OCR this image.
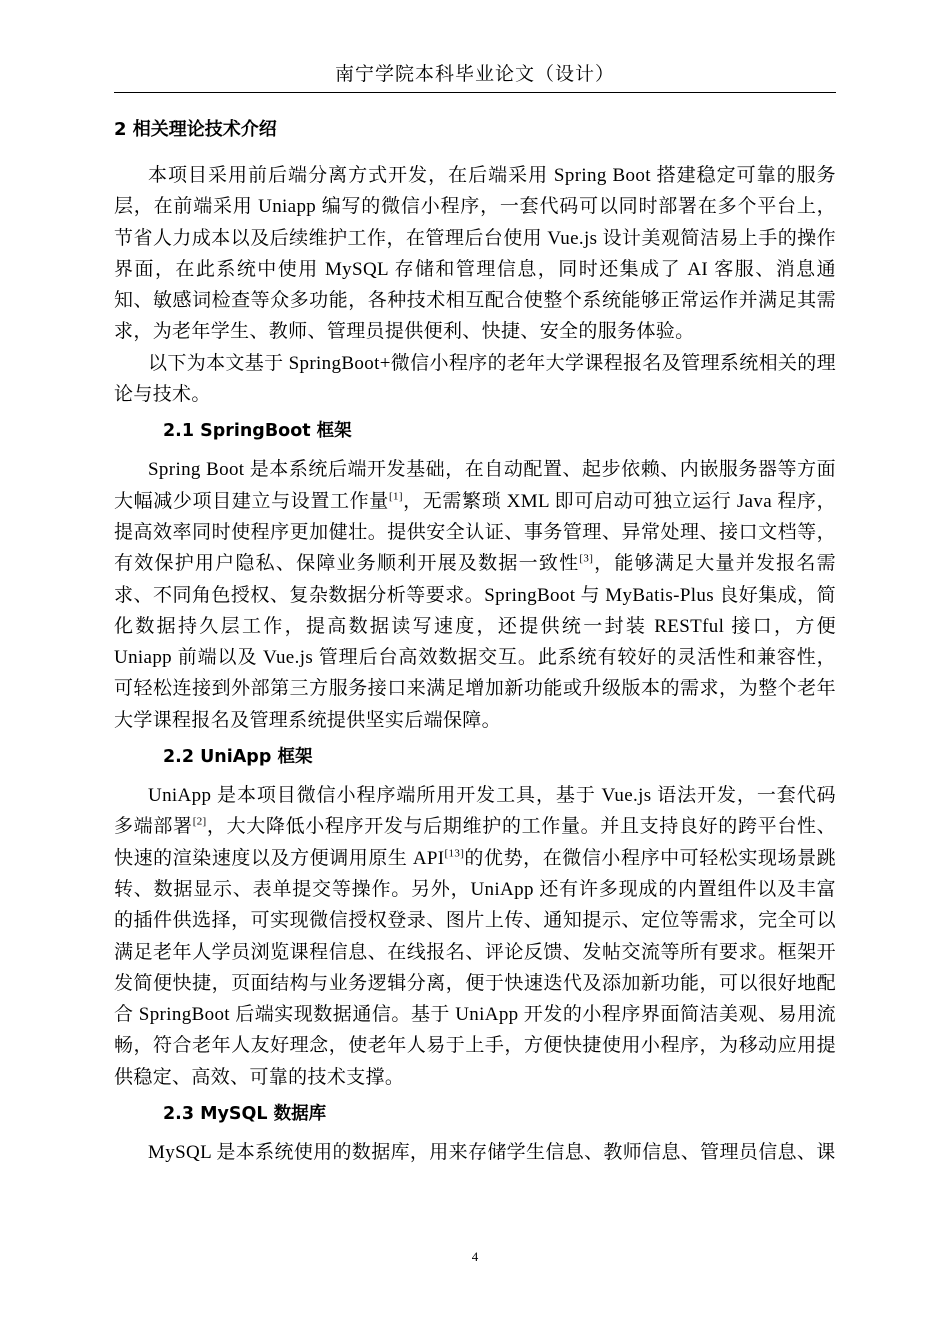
南宁学院本科毕业论文（设计）
2 相关理论技术介绍

本项目采用前后端分离方式开发，在后端采用 Spring Boot 搭建稳定可靠的服务层，在前端采用 Uniapp 编写的微信小程序，一套代码可以同时部署在多个平台上，节省人力成本以及后续维护工作，在管理后台使用 Vue.js 设计美观简洁易上手的操作界面，在此系统中使用 MySQL 存储和管理信息，同时还集成了 AI 客服、消息通知、敏感词检查等众多功能，各种技术相互配合使整个系统能够正常运作并满足其需求，为老年学生、教师、管理员提供便利、快捷、安全的服务体验。

以下为本文基于 SpringBoot+微信小程序的老年大学课程报名及管理系统相关的理论与技术。

2.1 SpringBoot 框架

Spring Boot 是本系统后端开发基础，在自动配置、起步依赖、内嵌服务器等方面大幅减少项目建立与设置工作量[1]，无需繁琐 XML 即可启动可独立运行 Java 程序，提高效率同时使程序更加健壮。提供安全认证、事务管理、异常处理、接口文档等，有效保护用户隐私、保障业务顺利开展及数据一致性[3]，能够满足大量并发报名需求、不同角色授权、复杂数据分析等要求。SpringBoot 与 MyBatis-Plus 良好集成，简化数据持久层工作，提高数据读写速度，还提供统一封装 RESTful 接口，方便 Uniapp 前端以及 Vue.js 管理后台高效数据交互。此系统有较好的灵活性和兼容性，可轻松连接到外部第三方服务接口来满足增加新功能或升级版本的需求，为整个老年大学课程报名及管理系统提供坚实后端保障。

2.2 UniApp 框架

UniApp 是本项目微信小程序端所用开发工具，基于 Vue.js 语法开发，一套代码多端部署[2]，大大降低小程序开发与后期维护的工作量。并且支持良好的跨平台性、快速的渲染速度以及方便调用原生 API[13]的优势，在微信小程序中可轻松实现场景跳转、数据显示、表单提交等操作。另外，UniApp 还有许多现成的内置组件以及丰富的插件供选择，可实现微信授权登录、图片上传、通知提示、定位等需求，完全可以满足老年人学员浏览课程信息、在线报名、评论反馈、发帖交流等所有要求。框架开发简便快捷，页面结构与业务逻辑分离，便于快速迭代及添加新功能，可以很好地配合 SpringBoot 后端实现数据通信。基于 UniApp 开发的小程序界面简洁美观、易用流畅，符合老年人友好理念，使老年人易于上手，方便快捷使用小程序，为移动应用提供稳定、高效、可靠的技术支撑。

2.3 MySQL 数据库

MySQL 是本系统使用的数据库，用来存储学生信息、教师信息、管理员信息、课

4
